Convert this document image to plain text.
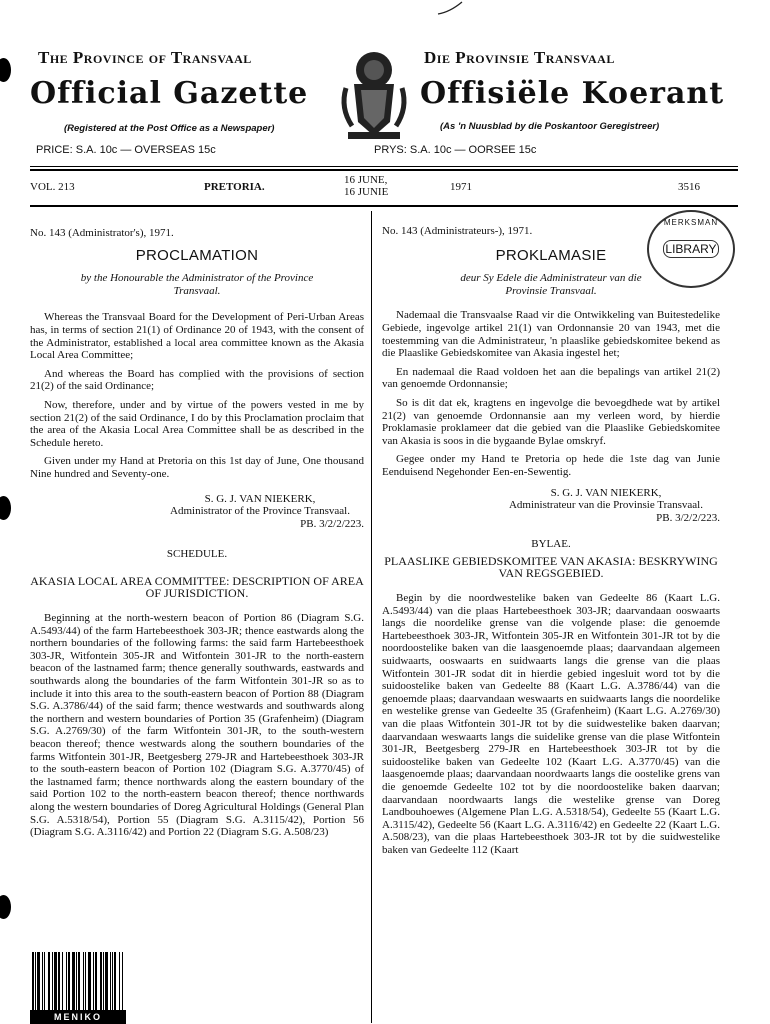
The Province of Transvaal
Official Gazette
(Registered at the Post Office as a Newspaper)
PRICE: S.A. 10c — OVERSEAS 15c
Die Provinsie Transvaal
Offisiële Koerant
(As 'n Nuusblad by die Poskantoor Geregistreer)
PRYS: S.A. 10c — OORSEE 15c
VOL. 213	PRETORIA.
16 JUNE,
16 JUNIE	1971	3516
MERKSMAN
LIBRARY
No. 143 (Administrator's), 1971.
PROCLAMATION
by the Honourable the Administrator of the Province Transvaal.

Whereas the Transvaal Board for the Development of Peri-Urban Areas has, in terms of section 21(1) of Ordinance 20 of 1943, with the consent of the Administrator, established a local area committee known as the Akasia Local Area Committee;

And whereas the Board has complied with the provisions of section 21(2) of the said Ordinance;

Now, therefore, under and by virtue of the powers vested in me by section 21(2) of the said Ordinance, I do by this Proclamation proclaim that the area of the Akasia Local Area Committee shall be as described in the Schedule hereto.

Given under my Hand at Pretoria on this 1st day of June, One thousand Nine hundred and Seventy-one.

S. G. J. VAN NIEKERK,
Administrator of the Province Transvaal.
PB. 3/2/2/223.
SCHEDULE.
AKASIA LOCAL AREA COMMITTEE: DESCRIPTION OF AREA OF JURISDICTION.

Beginning at the north-western beacon of Portion 86 (Diagram S.G. A.5493/44) of the farm Hartebeesthoek 303-JR; thence eastwards along the northern boundaries of the following farms: the said farm Hartebeesthoek 303-JR, Witfontein 305-JR and Witfontein 301-JR to the north-eastern beacon of the lastnamed farm; thence generally southwards, eastwards and southwards along the boundaries of the farm Witfontein 301-JR so as to include it into this area to the south-eastern beacon of Portion 88 (Diagram S.G. A.3786/44) of the said farm; thence westwards and southwards along the northern and western boundaries of Portion 35 (Grafenheim) (Diagram S.G. A.2769/30) of the farm Witfontein 301-JR, to the south-western beacon thereof; thence westwards along the southern boundaries of the farms Witfontein 301-JR, Beetgesberg 279-JR and Hartebeesthoek 303-JR to the south-eastern beacon of Portion 102 (Diagram S.G. A.3770/45) of the lastnamed farm; thence northwards along the eastern boundary of the said Portion 102 to the north-eastern beacon thereof; thence northwards along the western boundaries of Doreg Agricultural Holdings (General Plan S.G. A.5318/54), Portion 55 (Diagram S.G. A.3115/42), Portion 56 (Diagram S.G. A.3116/42) and Portion 22 (Diagram S.G. A.508/23)

No. 143 (Administrateurs-), 1971.
PROKLAMASIE
deur Sy Edele die Administrateur van die Provinsie Transvaal.

Nademaal die Transvaalse Raad vir die Ontwikkeling van Buitestedelike Gebiede, ingevolge artikel 21(1) van Ordonnansie 20 van 1943, met die toestemming van die Administrateur, 'n plaaslike gebiedskomitee bekend as die Plaaslike Gebiedskomitee van Akasia ingestel het;

En nademaal die Raad voldoen het aan die bepalings van artikel 21(2) van genoemde Ordonnansie;

So is dit dat ek, kragtens en ingevolge die bevoegdhede wat by artikel 21(2) van genoemde Ordonnansie aan my verleen word, by hierdie Proklamasie proklameer dat die gebied van die Plaaslike Gebiedskomitee van Akasia is soos in die bygaande Bylae omskryf.

Gegee onder my Hand te Pretoria op hede die 1ste dag van Junie Eenduisend Negehonder Een-en-Sewentig.

S. G. J. VAN NIEKERK,
Administrateur van die Provinsie Transvaal.
PB. 3/2/2/223.
BYLAE.
PLAASLIKE GEBIEDSKOMITEE VAN AKASIA: BESKRYWING VAN REGSGEBIED.

Begin by die noordwestelike baken van Gedeelte 86 (Kaart L.G. A.5493/44) van die plaas Hartebeesthoek 303-JR; daarvandaan ooswaarts langs die noordelike grense van die volgende plase: die genoemde Hartebeesthoek 303-JR, Witfontein 305-JR en Witfontein 301-JR tot by die noordoostelike baken van die laasgenoemde plaas; daarvandaan algemeen suidwaarts, ooswaarts en suidwaarts langs die grense van die plaas Witfontein 301-JR sodat dit in hierdie gebied ingesluit word tot by die suidoostelike baken van Gedeelte 88 (Kaart L.G. A.3786/44) van die genoemde plaas; daarvandaan weswaarts en suidwaarts langs die noordelike en westelike grense van Gedeelte 35 (Grafenheim) (Kaart L.G. A.2769/30) van die plaas Witfontein 301-JR tot by die suidwestelike baken daarvan; daarvandaan weswaarts langs die suidelike grense van die plase Witfontein 301-JR, Beetgesberg 279-JR en Hartebeesthoek 303-JR tot by die suidoostelike baken van Gedeelte 102 (Kaart L.G. A.3770/45) van die laasgenoemde plaas; daarvandaan noordwaarts langs die oostelike grens van die genoemde Gedeelte 102 tot by die noordoostelike baken daarvan; daarvandaan noordwaarts langs die westelike grense van Doreg Landbouhoewes (Algemene Plan L.G. A.5318/54), Gedeelte 55 (Kaart L.G. A.3115/42), Gedeelte 56 (Kaart L.G. A.3116/42) en Gedeelte 22 (Kaart L.G. A.508/23), van die plaas Hartebeesthoek 303-JR tot by die suidwestelike baken van Gedeelte 112 (Kaart

MENIKO
